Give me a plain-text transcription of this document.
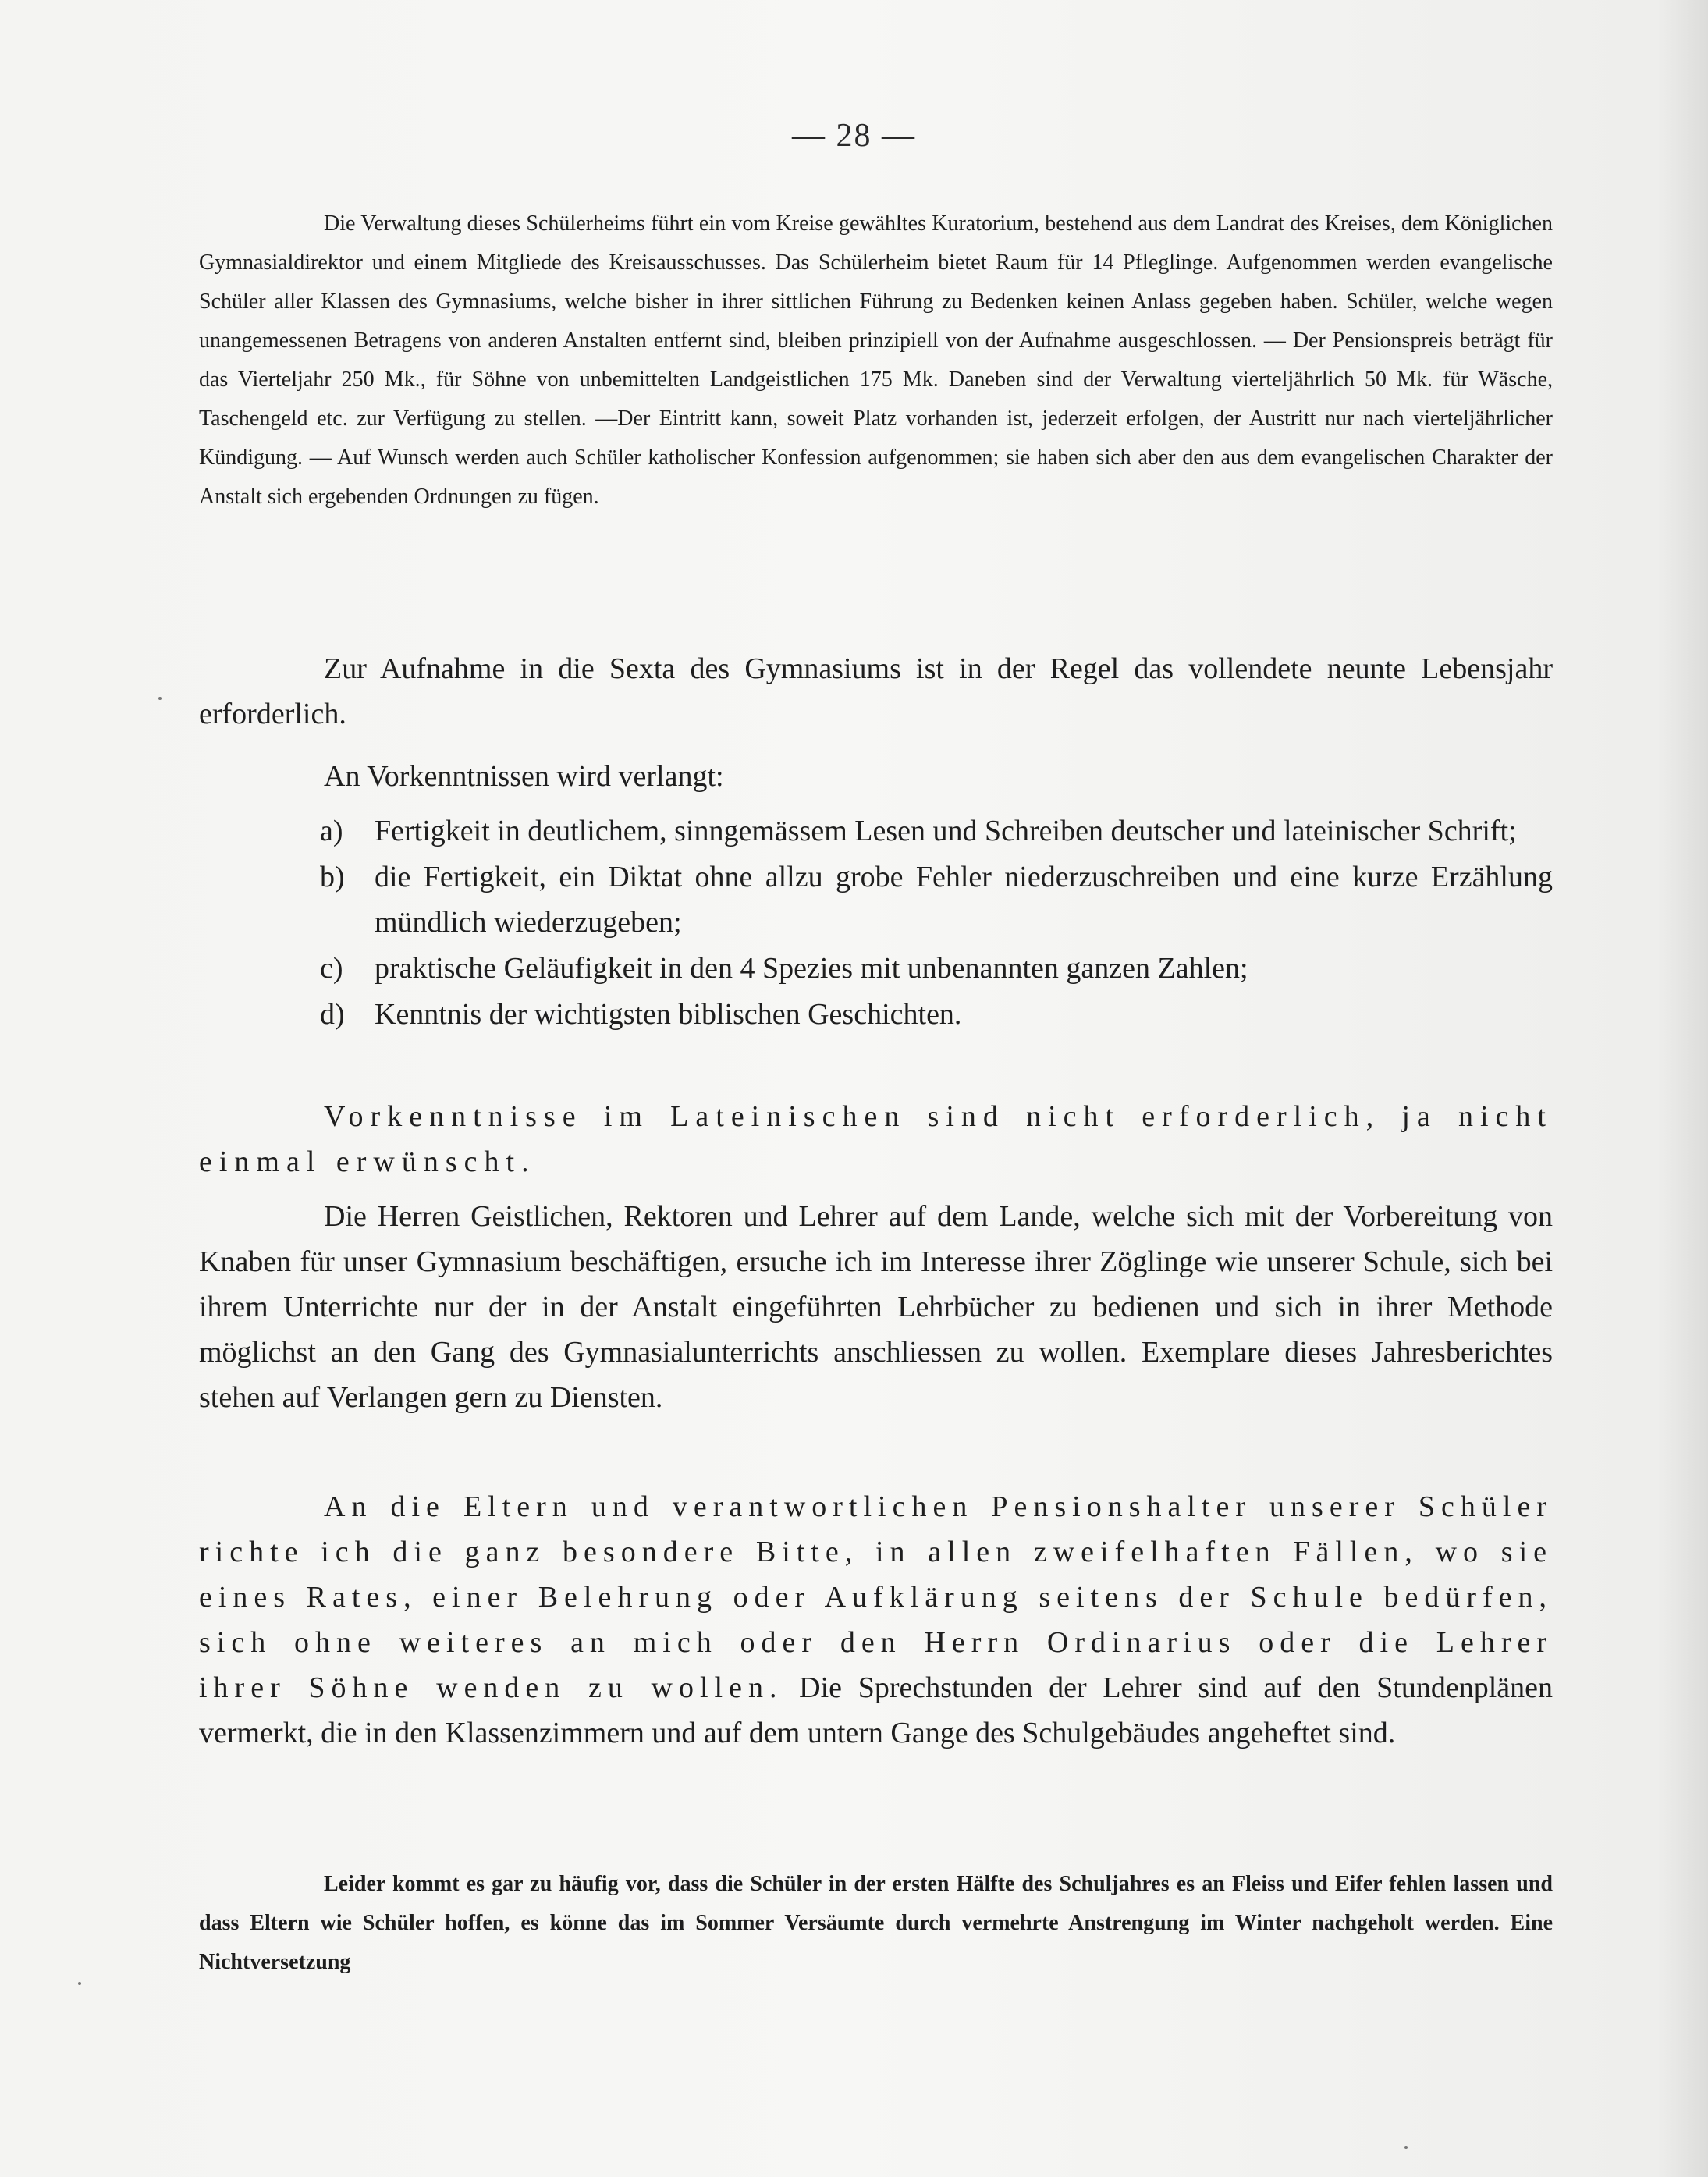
— 28 —
Die Verwaltung dieses Schülerheims führt ein vom Kreise gewähltes Kuratorium, bestehend aus dem Landrat des Kreises, dem Königlichen Gymnasialdirektor und einem Mitgliede des Kreisausschusses. Das Schülerheim bietet Raum für 14 Pfleglinge. Aufgenommen werden evangelische Schüler aller Klassen des Gymnasiums, welche bisher in ihrer sittlichen Führung zu Bedenken keinen Anlass gegeben haben. Schüler, welche wegen unangemessenen Betragens von anderen Anstalten entfernt sind, bleiben prinzipiell von der Aufnahme ausgeschlossen. — Der Pensionspreis beträgt für das Vierteljahr 250 Mk., für Söhne von unbemittelten Landgeistlichen 175 Mk. Daneben sind der Verwaltung vierteljährlich 50 Mk. für Wäsche, Taschengeld etc. zur Verfügung zu stellen. —Der Eintritt kann, soweit Platz vorhanden ist, jederzeit erfolgen, der Austritt nur nach vierteljährlicher Kündigung. — Auf Wunsch werden auch Schüler katholischer Konfession aufgenommen; sie haben sich aber den aus dem evangelischen Charakter der Anstalt sich ergebenden Ordnungen zu fügen.
Zur Aufnahme in die Sexta des Gymnasiums ist in der Regel das vollendete neunte Lebensjahr erforderlich.
An Vorkenntnissen wird verlangt:
a) Fertigkeit in deutlichem, sinngemässem Lesen und Schreiben deutscher und lateinischer Schrift;
b) die Fertigkeit, ein Diktat ohne allzu grobe Fehler niederzuschreiben und eine kurze Erzählung mündlich wiederzugeben;
c) praktische Geläufigkeit in den 4 Spezies mit unbenannten ganzen Zahlen;
d) Kenntnis der wichtigsten biblischen Geschichten.
Vorkenntnisse im Lateinischen sind nicht erforderlich, ja nicht einmal erwünscht.
Die Herren Geistlichen, Rektoren und Lehrer auf dem Lande, welche sich mit der Vorbereitung von Knaben für unser Gymnasium beschäftigen, ersuche ich im Interesse ihrer Zöglinge wie unserer Schule, sich bei ihrem Unterrichte nur der in der Anstalt eingeführten Lehrbücher zu bedienen und sich in ihrer Methode möglichst an den Gang des Gymnasialunterrichts anschliessen zu wollen. Exemplare dieses Jahresberichtes stehen auf Verlangen gern zu Diensten.
An die Eltern und verantwortlichen Pensionshalter unserer Schüler richte ich die ganz besondere Bitte, in allen zweifelhaften Fällen, wo sie eines Rates, einer Belehrung oder Aufklärung seitens der Schule bedürfen, sich ohne weiteres an mich oder den Herrn Ordinarius oder die Lehrer ihrer Söhne wenden zu wollen. Die Sprechstunden der Lehrer sind auf den Stundenplänen vermerkt, die in den Klassenzimmern und auf dem untern Gange des Schulgebäudes angeheftet sind.
Leider kommt es gar zu häufig vor, dass die Schüler in der ersten Hälfte des Schuljahres es an Fleiss und Eifer fehlen lassen und dass Eltern wie Schüler hoffen, es könne das im Sommer Versäumte durch vermehrte Anstrengung im Winter nachgeholt werden. Eine Nichtversetzung
